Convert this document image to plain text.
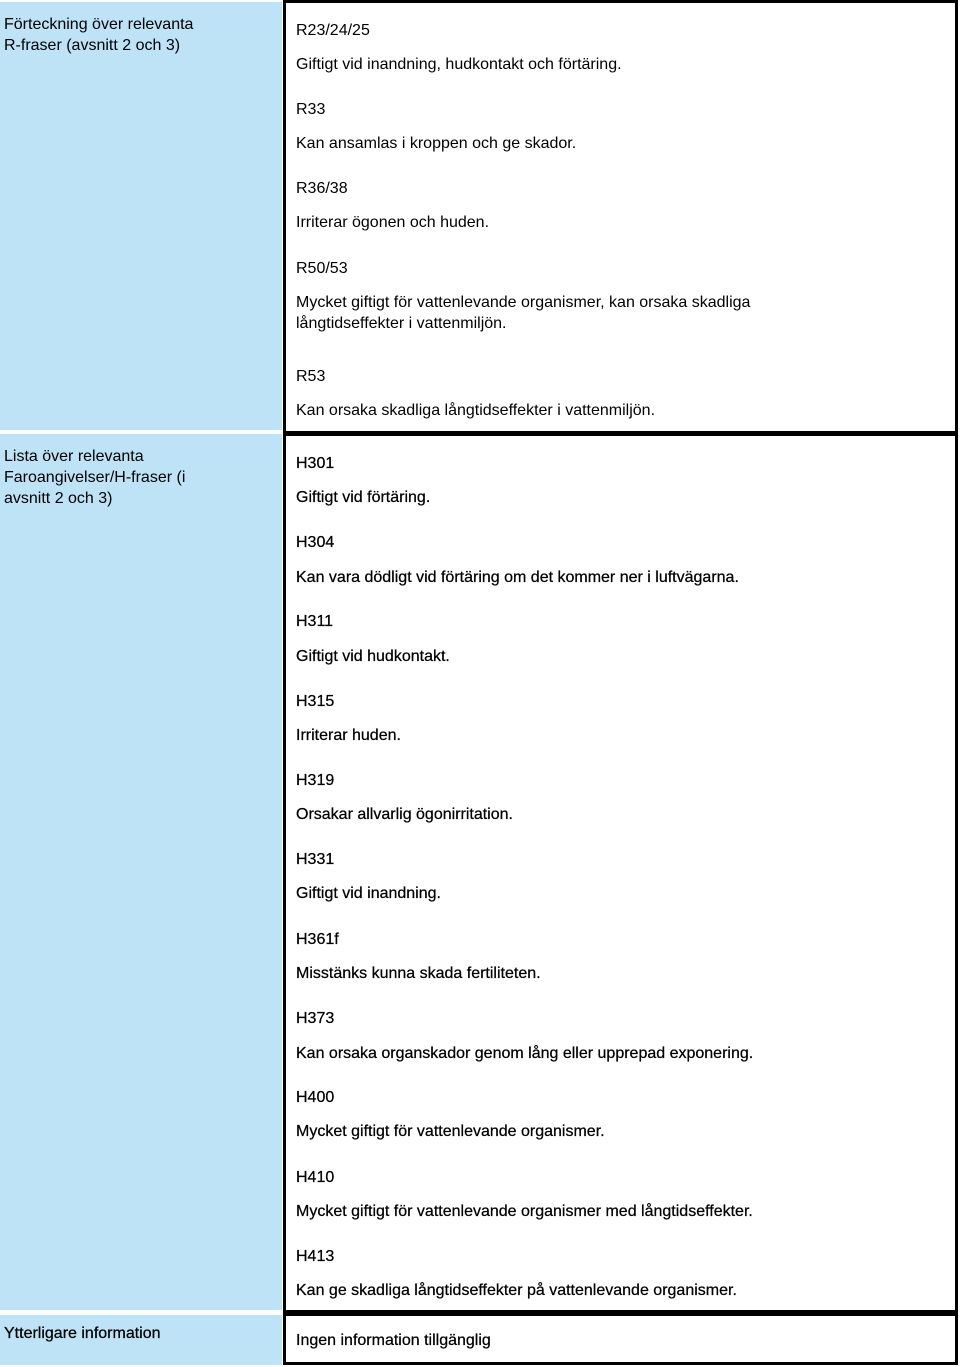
Förteckning över relevanta
R-fraser (avsnitt 2 och 3)
R23/24/25
Giftigt vid inandning, hudkontakt och förtäring.
R33
Kan ansamlas i kroppen och ge skador.
R36/38
Irriterar ögonen och huden.
R50/53
Mycket giftigt för vattenlevande organismer, kan orsaka skadliga
långtidseffekter i vattenmiljön.
R53
Kan orsaka skadliga långtidseffekter i vattenmiljön.
Lista över relevanta
Faroangivelser/H-fraser (i
avsnitt 2 och 3)
H301
Giftigt vid förtäring.
H304
Kan vara dödligt vid förtäring om det kommer ner i luftvägarna.
H311
Giftigt vid hudkontakt.
H315
Irriterar huden.
H319
Orsakar allvarlig ögonirritation.
H331
Giftigt vid inandning.
H361f
Misstänks kunna skada fertiliteten.
H373
Kan orsaka organskador genom lång eller upprepad exponering.
H400
Mycket giftigt för vattenlevande organismer.
H410
Mycket giftigt för vattenlevande organismer med långtidseffekter.
H413
Kan ge skadliga långtidseffekter på vattenlevande organismer.
Ytterligare information	Ingen information tillgänglig
